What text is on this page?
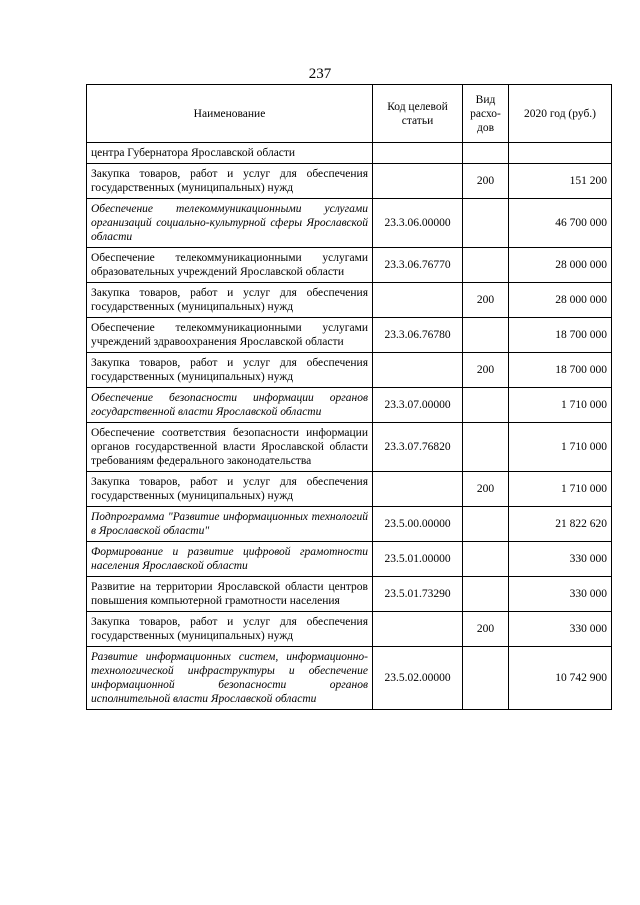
237
Наименование	Код целевой статьи	Вид расхо-дов	2020 год (руб.)
центра Губернатора Ярославской области			
Закупка товаров, работ и услуг для обеспечения государственных (муниципальных) нужд		200	151 200
Обеспечение телекоммуникационными услугами организаций социально-культурной сферы Ярославской области	23.3.06.00000		46 700 000
Обеспечение телекоммуникационными услугами образовательных учреждений Ярославской области	23.3.06.76770		28 000 000
Закупка товаров, работ и услуг для обеспечения государственных (муниципальных) нужд		200	28 000 000
Обеспечение телекоммуникационными услугами учреждений здравоохранения Ярославской области	23.3.06.76780		18 700 000
Закупка товаров, работ и услуг для обеспечения государственных (муниципальных) нужд		200	18 700 000
Обеспечение безопасности информации органов государственной власти Ярославской области	23.3.07.00000		1 710 000
Обеспечение соответствия безопасности информации органов государственной власти Ярославской области требованиям федерального законодательства	23.3.07.76820		1 710 000
Закупка товаров, работ и услуг для обеспечения государственных (муниципальных) нужд		200	1 710 000
Подпрограмма "Развитие информационных технологий в Ярославской области"	23.5.00.00000		21 822 620
Формирование и развитие цифровой грамотности населения Ярославской области	23.5.01.00000		330 000
Развитие на территории Ярославской области центров повышения компьютерной грамотности населения	23.5.01.73290		330 000
Закупка товаров, работ и услуг для обеспечения государственных (муниципальных) нужд		200	330 000
Развитие информационных систем, информационно-технологической инфраструктуры и обеспечение информационной безопасности органов исполнительной власти Ярославской области	23.5.02.00000		10 742 900
